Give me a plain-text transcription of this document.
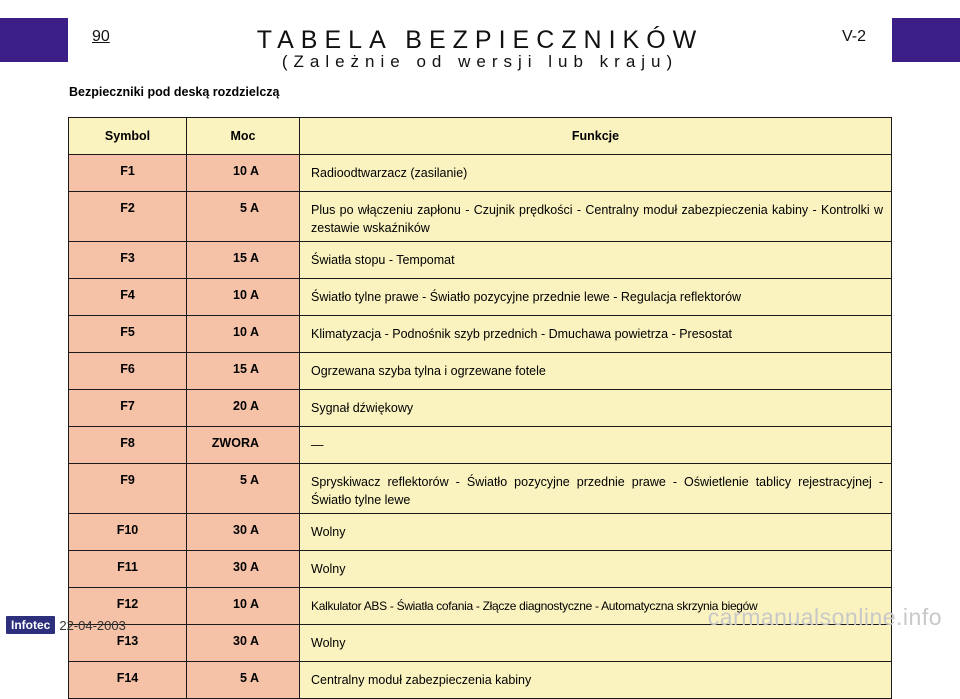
90	V-2
TABELA BEZPIECZNIKÓW
(Zależnie od wersji lub kraju)
Bezpieczniki pod deską rozdzielczą
Symbol	Moc	Funkcje
F1	10 A	Radioodtwarzacz (zasilanie)
F2	5 A	Plus po włączeniu zapłonu - Czujnik prędkości - Centralny moduł zabezpieczenia kabiny - Kontrolki w zestawie wskaźników
F3	15 A	Światła stopu - Tempomat
F4	10 A	Światło tylne prawe - Światło pozycyjne przednie lewe - Regulacja reflektorów
F5	10 A	Klimatyzacja - Podnośnik szyb przednich - Dmuchawa powietrza - Presostat
F6	15 A	Ogrzewana szyba tylna i ogrzewane fotele
F7	20 A	Sygnał dźwiękowy
F8	ZWORA	—
F9	5 A	Spryskiwacz reflektorów - Światło pozycyjne przednie prawe - Oświetlenie tablicy rejestracyjnej - Światło tylne lewe
F10	30 A	Wolny
F11	30 A	Wolny
F12	10 A	Kalkulator ABS - Światła cofania - Złącze diagnostyczne - Automatyczna skrzynia biegów
F13	30 A	Wolny
F14	5 A	Centralny moduł zabezpieczenia kabiny
Infotec 22-04-2003	carmanualsonline.info
